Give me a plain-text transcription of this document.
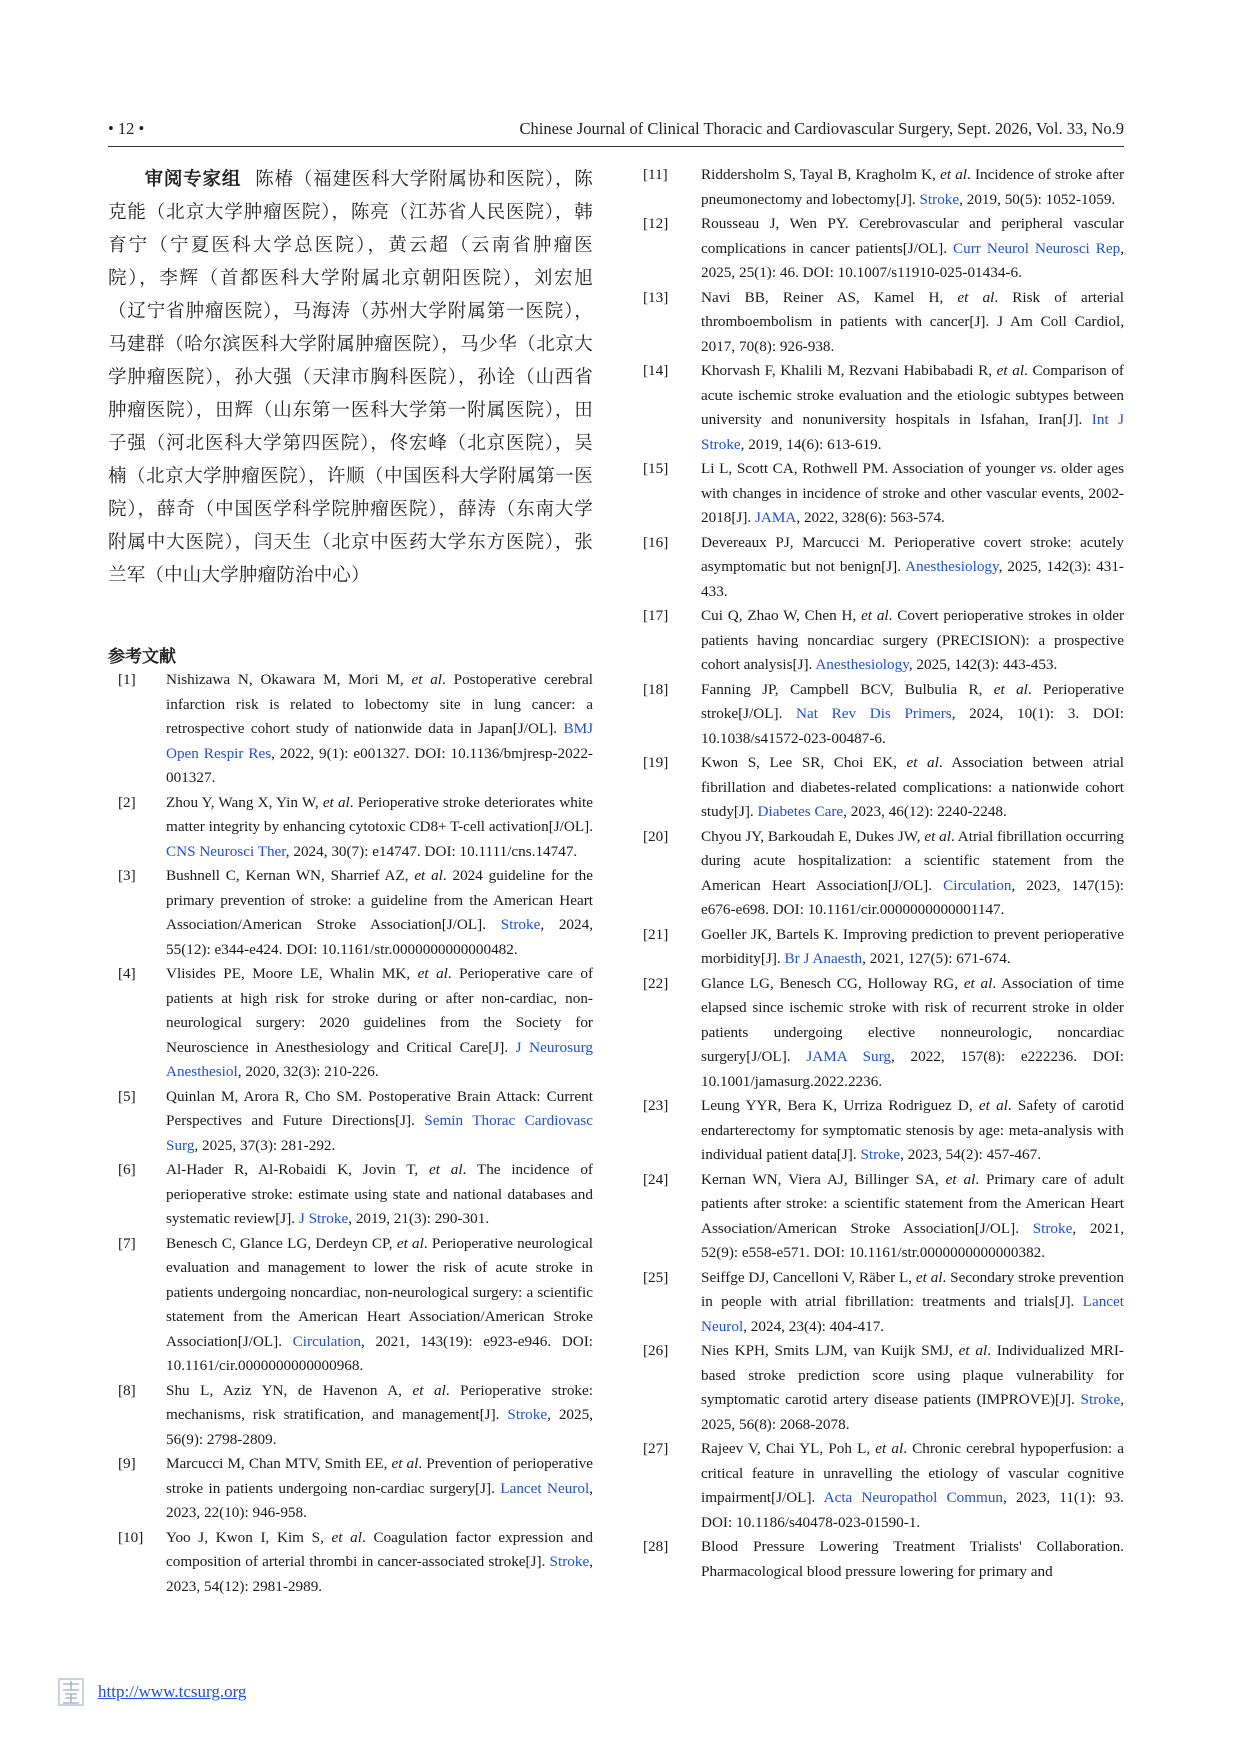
• 12 •	Chinese Journal of Clinical Thoracic and Cardiovascular Surgery, Sept. 2026, Vol. 33, No.9

审阅专家组 陈椿（福建医科大学附属协和医院），陈克能（北京大学肿瘤医院），陈亮（江苏省人民医院），韩育宁（宁夏医科大学总医院），黄云超（云南省肿瘤医院），李辉（首都医科大学附属北京朝阳医院），刘宏旭（辽宁省肿瘤医院），马海涛（苏州大学附属第一医院），马建群（哈尔滨医科大学附属肿瘤医院），马少华（北京大学肿瘤医院），孙大强（天津市胸科医院），孙诠（山西省肿瘤医院），田辉（山东第一医科大学第一附属医院），田子强（河北医科大学第四医院），佟宏峰（北京医院），吴楠（北京大学肿瘤医院），许顺（中国医科大学附属第一医院），薛奇（中国医学科学院肿瘤医院），薛涛（东南大学附属中大医院），闫天生（北京中医药大学东方医院），张兰军（中山大学肿瘤防治中心）

参考文献

[1] Nishizawa N, Okawara M, Mori M, et al. Postoperative cerebral infarction risk is related to lobectomy site in lung cancer: a retrospective cohort study of nationwide data in Japan[J/OL]. BMJ Open Respir Res, 2022, 9(1): e001327. DOI: 10.1136/bmjresp-2022-001327.

[2] Zhou Y, Wang X, Yin W, et al. Perioperative stroke deteriorates white matter integrity by enhancing cytotoxic CD8+ T-cell activation[J/OL]. CNS Neurosci Ther, 2024, 30(7): e14747. DOI: 10.1111/cns.14747.

[3] Bushnell C, Kernan WN, Sharrief AZ, et al. 2024 guideline for the primary prevention of stroke: a guideline from the American Heart Association/American Stroke Association[J/OL]. Stroke, 2024, 55(12): e344-e424. DOI: 10.1161/str.0000000000000482.

[4] Vlisides PE, Moore LE, Whalin MK, et al. Perioperative care of patients at high risk for stroke during or after non-cardiac, non-neurological surgery: 2020 guidelines from the Society for Neuroscience in Anesthesiology and Critical Care[J]. J Neurosurg Anesthesiol, 2020, 32(3): 210-226.

[5] Quinlan M, Arora R, Cho SM. Postoperative Brain Attack: Current Perspectives and Future Directions[J]. Semin Thorac Cardiovasc Surg, 2025, 37(3): 281-292.

[6] Al-Hader R, Al-Robaidi K, Jovin T, et al. The incidence of perioperative stroke: estimate using state and national databases and systematic review[J]. J Stroke, 2019, 21(3): 290-301.

[7] Benesch C, Glance LG, Derdeyn CP, et al. Perioperative neurological evaluation and management to lower the risk of acute stroke in patients undergoing noncardiac, non-neurological surgery: a scientific statement from the American Heart Association/American Stroke Association[J/OL]. Circulation, 2021, 143(19): e923-e946. DOI: 10.1161/cir.0000000000000968.

[8] Shu L, Aziz YN, de Havenon A, et al. Perioperative stroke: mechanisms, risk stratification, and management[J]. Stroke, 2025, 56(9): 2798-2809.

[9] Marcucci M, Chan MTV, Smith EE, et al. Prevention of perioperative stroke in patients undergoing non-cardiac surgery[J]. Lancet Neurol, 2023, 22(10): 946-958.

[10] Yoo J, Kwon I, Kim S, et al. Coagulation factor expression and composition of arterial thrombi in cancer-associated stroke[J]. Stroke, 2023, 54(12): 2981-2989.

[11] Riddersholm S, Tayal B, Kragholm K, et al. Incidence of stroke after pneumonectomy and lobectomy[J]. Stroke, 2019, 50(5): 1052-1059.

[12] Rousseau J, Wen PY. Cerebrovascular and peripheral vascular complications in cancer patients[J/OL]. Curr Neurol Neurosci Rep, 2025, 25(1): 46. DOI: 10.1007/s11910-025-01434-6.

[13] Navi BB, Reiner AS, Kamel H, et al. Risk of arterial thromboembolism in patients with cancer[J]. J Am Coll Cardiol, 2017, 70(8): 926-938.

[14] Khorvash F, Khalili M, Rezvani Habibabadi R, et al. Comparison of acute ischemic stroke evaluation and the etiologic subtypes between university and nonuniversity hospitals in Isfahan, Iran[J]. Int J Stroke, 2019, 14(6): 613-619.

[15] Li L, Scott CA, Rothwell PM. Association of younger vs. older ages with changes in incidence of stroke and other vascular events, 2002-2018[J]. JAMA, 2022, 328(6): 563-574.

[16] Devereaux PJ, Marcucci M. Perioperative covert stroke: acutely asymptomatic but not benign[J]. Anesthesiology, 2025, 142(3): 431-433.

[17] Cui Q, Zhao W, Chen H, et al. Covert perioperative strokes in older patients having noncardiac surgery (PRECISION): a prospective cohort analysis[J]. Anesthesiology, 2025, 142(3): 443-453.

[18] Fanning JP, Campbell BCV, Bulbulia R, et al. Perioperative stroke[J/OL]. Nat Rev Dis Primers, 2024, 10(1): 3. DOI: 10.1038/s41572-023-00487-6.

[19] Kwon S, Lee SR, Choi EK, et al. Association between atrial fibrillation and diabetes-related complications: a nationwide cohort study[J]. Diabetes Care, 2023, 46(12): 2240-2248.

[20] Chyou JY, Barkoudah E, Dukes JW, et al. Atrial fibrillation occurring during acute hospitalization: a scientific statement from the American Heart Association[J/OL]. Circulation, 2023, 147(15): e676-e698. DOI: 10.1161/cir.0000000000001147.

[21] Goeller JK, Bartels K. Improving prediction to prevent perioperative morbidity[J]. Br J Anaesth, 2021, 127(5): 671-674.

[22] Glance LG, Benesch CG, Holloway RG, et al. Association of time elapsed since ischemic stroke with risk of recurrent stroke in older patients undergoing elective nonneurologic, noncardiac surgery[J/OL]. JAMA Surg, 2022, 157(8): e222236. DOI: 10.1001/jamasurg.2022.2236.

[23] Leung YYR, Bera K, Urriza Rodriguez D, et al. Safety of carotid endarterectomy for symptomatic stenosis by age: meta-analysis with individual patient data[J]. Stroke, 2023, 54(2): 457-467.

[24] Kernan WN, Viera AJ, Billinger SA, et al. Primary care of adult patients after stroke: a scientific statement from the American Heart Association/American Stroke Association[J/OL]. Stroke, 2021, 52(9): e558-e571. DOI: 10.1161/str.0000000000000382.

[25] Seiffge DJ, Cancelloni V, Räber L, et al. Secondary stroke prevention in people with atrial fibrillation: treatments and trials[J]. Lancet Neurol, 2024, 23(4): 404-417.

[26] Nies KPH, Smits LJM, van Kuijk SMJ, et al. Individualized MRI-based stroke prediction score using plaque vulnerability for symptomatic carotid artery disease patients (IMPROVE)[J]. Stroke, 2025, 56(8): 2068-2078.

[27] Rajeev V, Chai YL, Poh L, et al. Chronic cerebral hypoperfusion: a critical feature in unravelling the etiology of vascular cognitive impairment[J/OL]. Acta Neuropathol Commun, 2023, 11(1): 93. DOI: 10.1186/s40478-023-01590-1.

[28] Blood Pressure Lowering Treatment Trialists' Collaboration. Pharmacological blood pressure lowering for primary and

http://www.tcsurg.org
